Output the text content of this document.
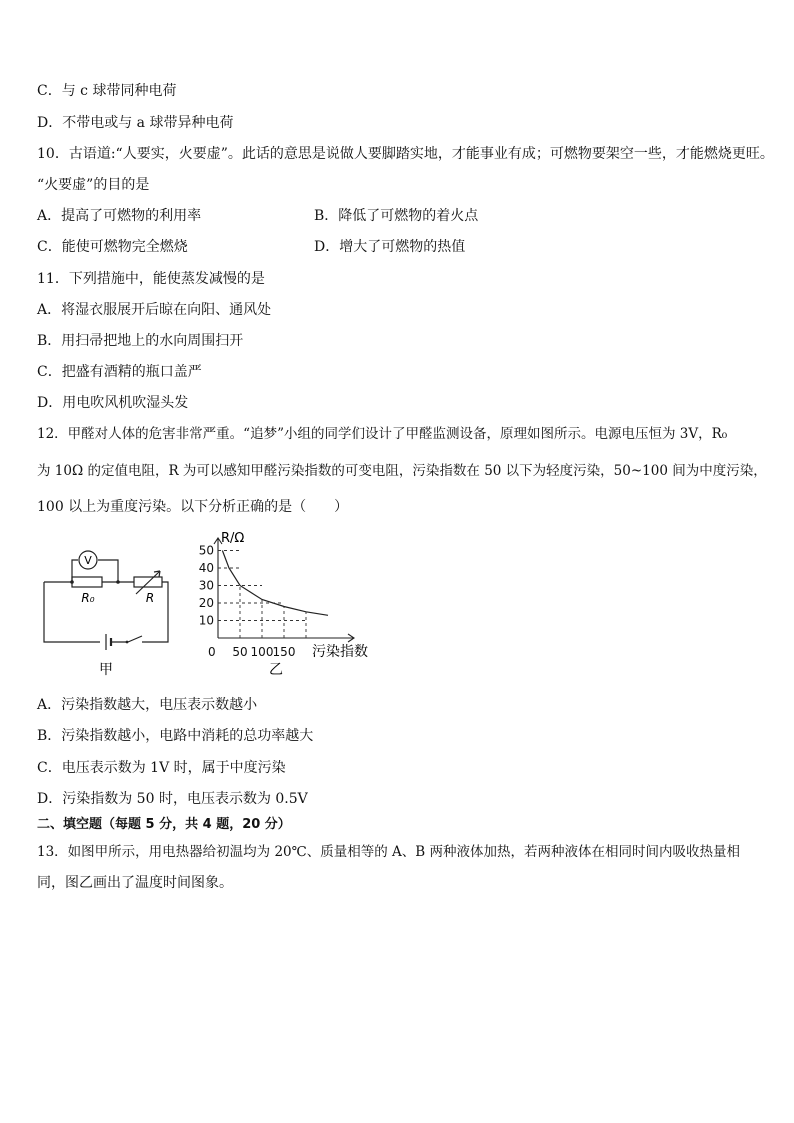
C．与 c 球带同种电荷
D．不带电或与 a 球带异种电荷
10．古语道:“人要实，火要虚”。此话的意思是说做人要脚踏实地，才能事业有成；可燃物要架空一些，才能燃烧更旺。
“火要虚”的目的是
A．提高了可燃物的利用率	B．降低了可燃物的着火点
C．能使可燃物完全燃烧	D．增大了可燃物的热值
11．下列措施中，能使蒸发减慢的是
A．将湿衣服展开后晾在向阳、通风处
B．用扫帚把地上的水向周围扫开
C．把盛有酒精的瓶口盖严
D．用电吹风机吹湿头发
12．甲醛对人体的危害非常严重。“追梦”小组的同学们设计了甲醛监测设备，原理如图所示。电源电压恒为 3V，R₀
为 10Ω 的定值电阻，R 为可以感知甲醛污染指数的可变电阻，污染指数在 50 以下为轻度污染，50~100 间为中度污染，
100 以上为重度污染。以下分析正确的是（　　）
V
R₀	R
甲
10
20
30
40
50
0 50 100 150
R/Ω
污染指数
乙
A．污染指数越大，电压表示数越小
B．污染指数越小，电路中消耗的总功率越大
C．电压表示数为 1V 时，属于中度污染
D．污染指数为 50 时，电压表示数为 0.5V
二、填空题（每题 5 分，共 4 题，20 分）
13．如图甲所示，用电热器给初温均为 20℃、质量相等的 A、B 两种液体加热，若两种液体在相同时间内吸收热量相
同，图乙画出了温度时间图象。
